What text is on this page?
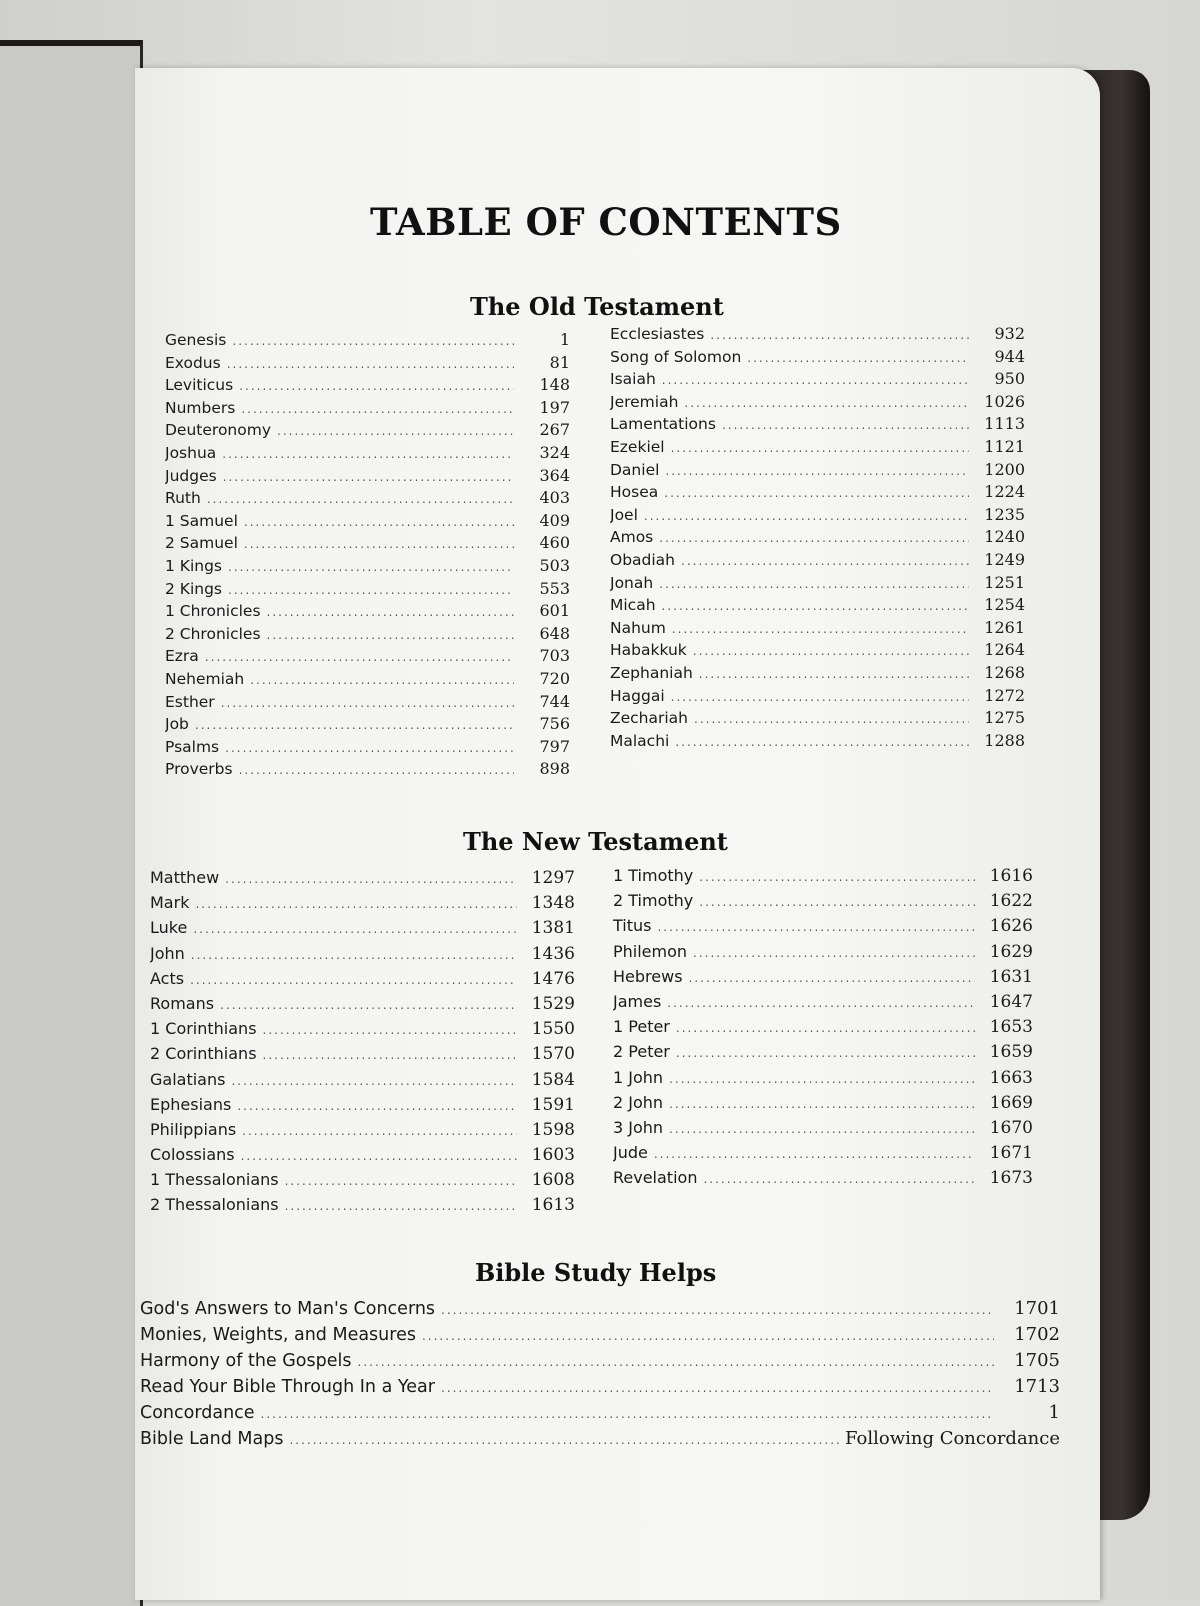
TABLE OF CONTENTS
The Old Testament
Genesis .....	1
Exodus .....	81
Leviticus .....	148
Numbers .....	197
Deuteronomy .....	267
Joshua .....	324
Judges .....	364
Ruth .....	403
1 Samuel .....	409
2 Samuel .....	460
1 Kings .....	503
2 Kings .....	553
1 Chronicles .....	601
2 Chronicles .....	648
Ezra .....	703
Nehemiah .....	720
Esther .....	744
Job .....	756
Psalms .....	797
Proverbs .....	898
Ecclesiastes .....	932
Song of Solomon .....	944
Isaiah .....	950
Jeremiah .....	1026
Lamentations .....	1113
Ezekiel .....	1121
Daniel .....	1200
Hosea .....	1224
Joel .....	1235
Amos .....	1240
Obadiah .....	1249
Jonah .....	1251
Micah .....	1254
Nahum .....	1261
Habakkuk .....	1264
Zephaniah .....	1268
Haggai .....	1272
Zechariah .....	1275
Malachi .....	1288
The New Testament
Matthew .....	1297
Mark .....	1348
Luke .....	1381
John .....	1436
Acts .....	1476
Romans .....	1529
1 Corinthians .....	1550
2 Corinthians .....	1570
Galatians .....	1584
Ephesians .....	1591
Philippians .....	1598
Colossians .....	1603
1 Thessalonians .....	1608
2 Thessalonians .....	1613
1 Timothy .....	1616
2 Timothy .....	1622
Titus .....	1626
Philemon .....	1629
Hebrews .....	1631
James .....	1647
1 Peter .....	1653
2 Peter .....	1659
1 John .....	1663
2 John .....	1669
3 John .....	1670
Jude .....	1671
Revelation .....	1673
Bible Study Helps
God's Answers to Man's Concerns .....	1701
Monies, Weights, and Measures .....	1702
Harmony of the Gospels .....	1705
Read Your Bible Through In a Year .....	1713
Concordance .....	1
Bible Land Maps .....	Following Concordance
